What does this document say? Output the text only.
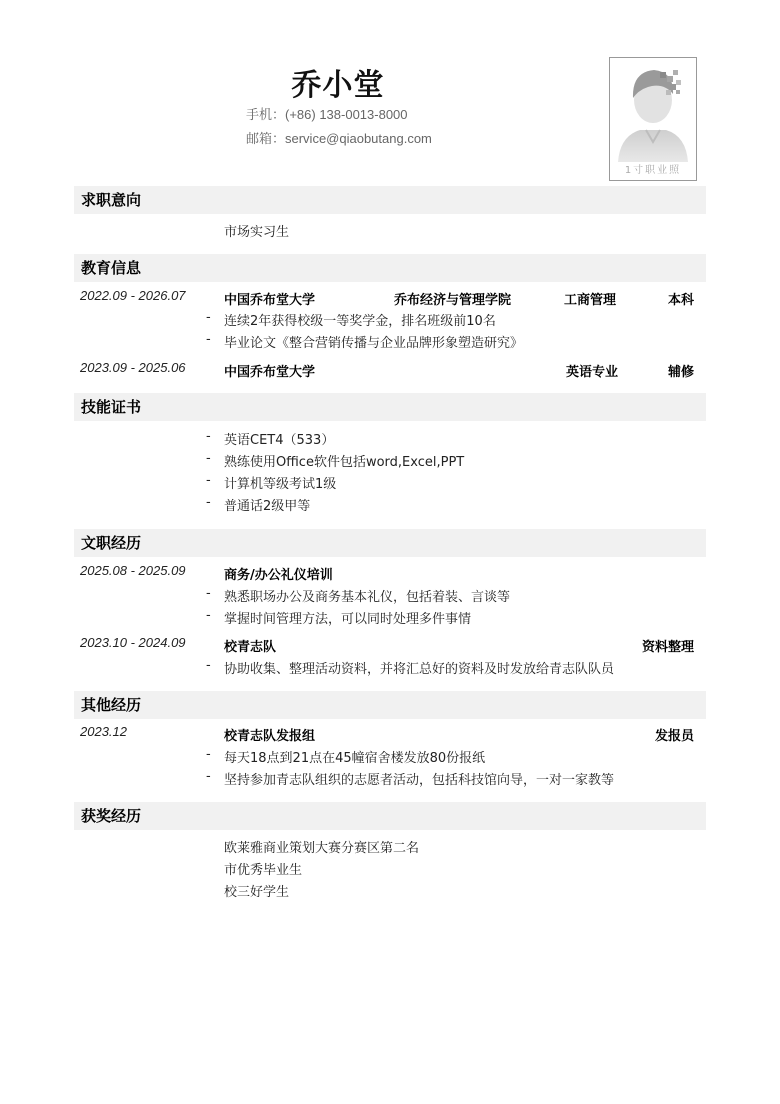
乔小堂
手机：(+86) 138-0013-8000
邮箱：service@qiaobutang.com
1寸职业照
求职意向
市场实习生
教育信息
2022.09 - 2026.07	中国乔布堂大学	乔布经济与管理学院	工商管理	本科
- 连续2年获得校级一等奖学金，排名班级前10名
- 毕业论文《整合营销传播与企业品牌形象塑造研究》
2023.09 - 2025.06	中国乔布堂大学	英语专业	辅修
技能证书
- 英语CET4（533）
- 熟练使用Office软件包括word,Excel,PPT
- 计算机等级考试1级
- 普通话2级甲等
文职经历
2025.08 - 2025.09	商务/办公礼仪培训
- 熟悉职场办公及商务基本礼仪，包括着装、言谈等
- 掌握时间管理方法，可以同时处理多件事情
2023.10 - 2024.09	校青志队	资料整理
- 协助收集、整理活动资料，并将汇总好的资料及时发放给青志队队员
其他经历
2023.12	校青志队发报组	发报员
- 每天18点到21点在45幢宿舍楼发放80份报纸
- 坚持参加青志队组织的志愿者活动，包括科技馆向导，一对一家教等
获奖经历
欧莱雅商业策划大赛分赛区第二名
市优秀毕业生
校三好学生
